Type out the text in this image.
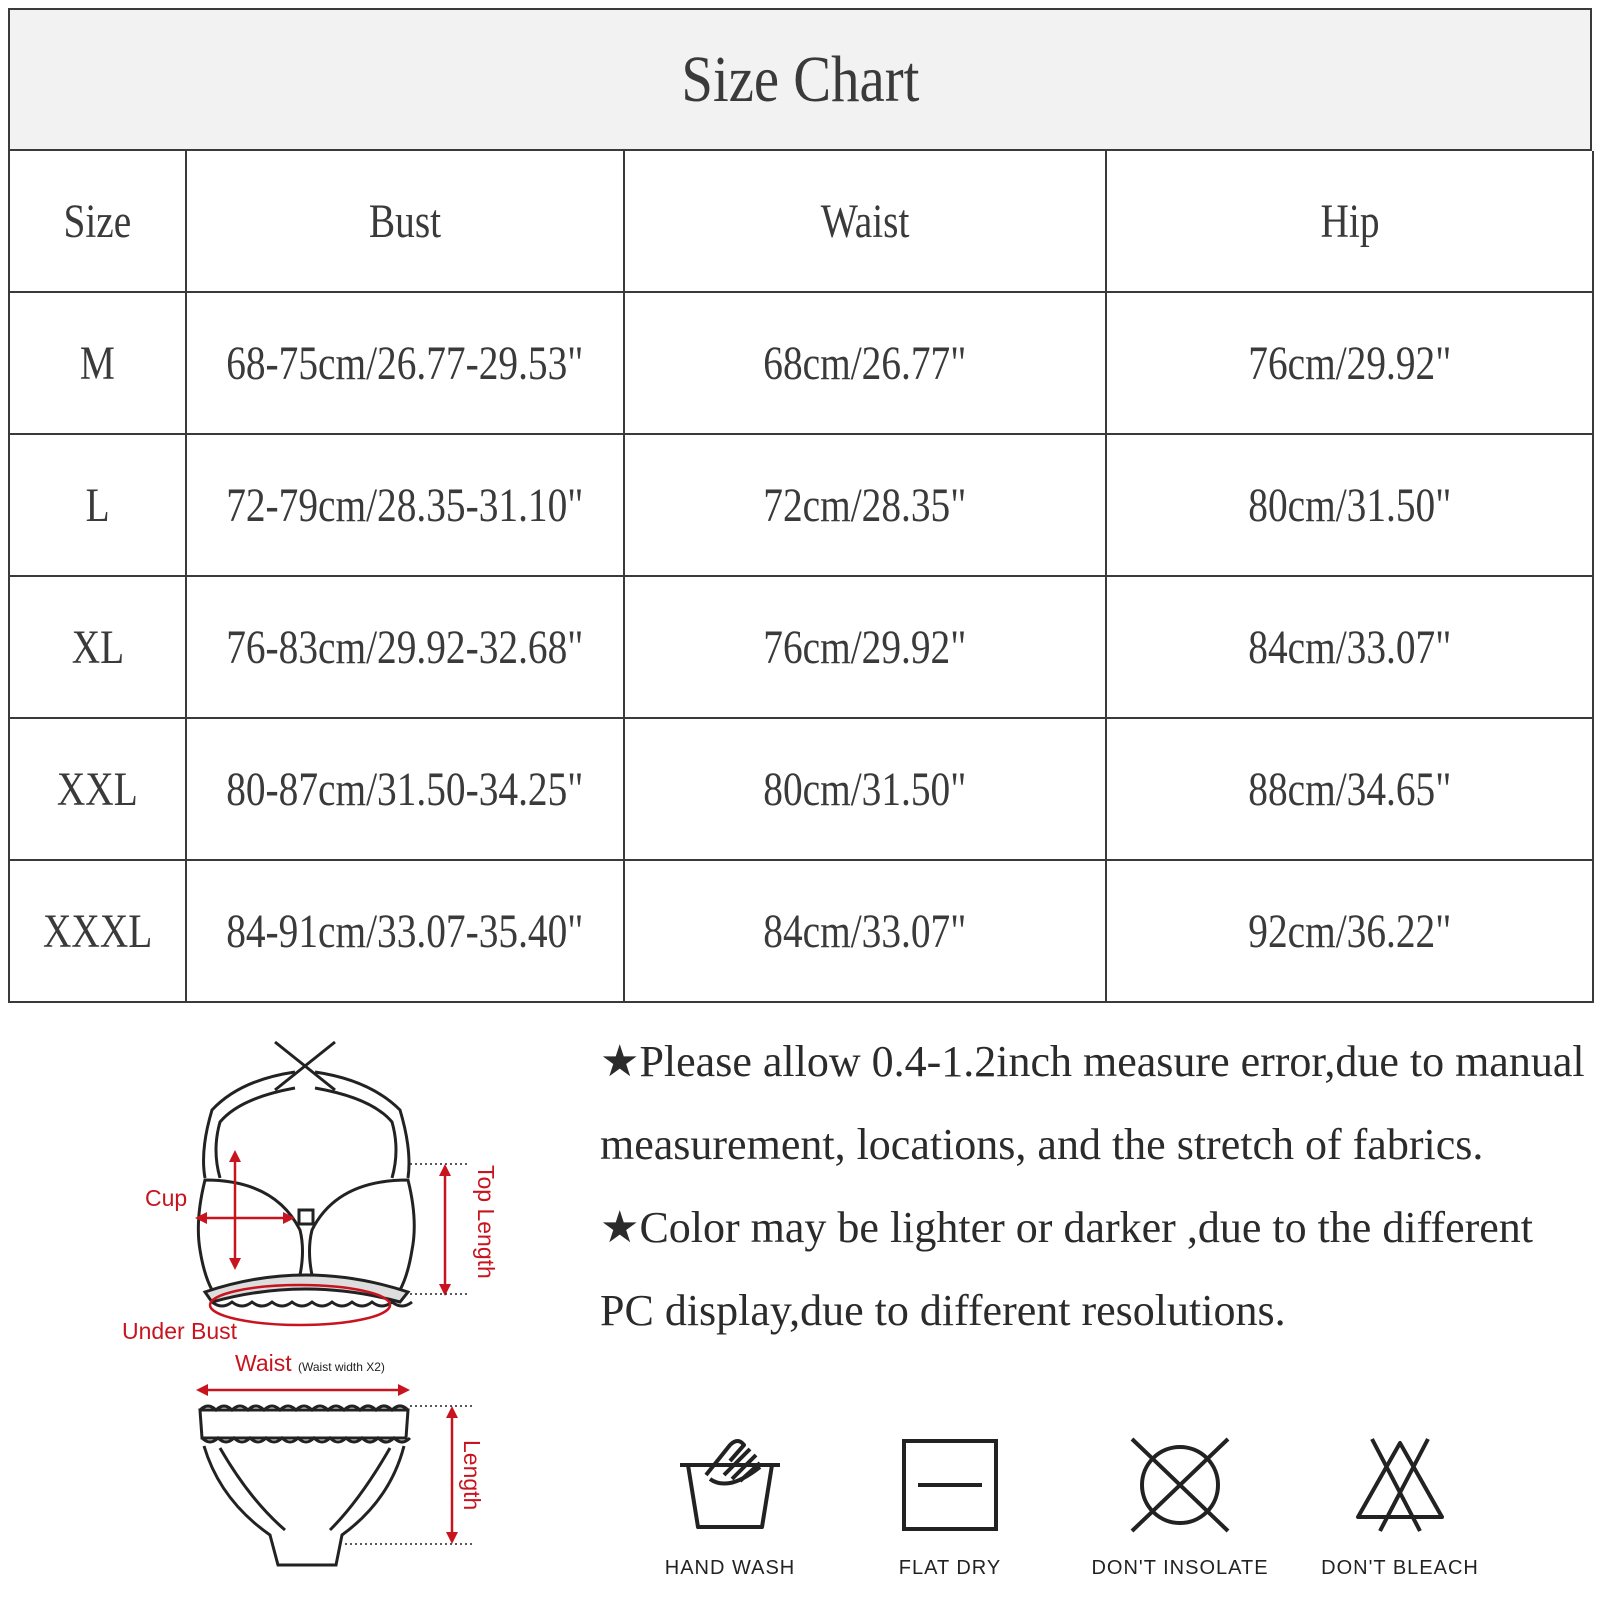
Size Chart
Size	Bust	Waist	Hip
M	68-75cm/26.77-29.53"	68cm/26.77"	76cm/29.92"
L	72-79cm/28.35-31.10"	72cm/28.35"	80cm/31.50"
XL	76-83cm/29.92-32.68"	76cm/29.92"	84cm/33.07"
XXL	80-87cm/31.50-34.25"	80cm/31.50"	88cm/34.65"
XXXL	84-91cm/33.07-35.40"	84cm/33.07"	92cm/36.22"
Cup	Top Length
Under Bust
Waist (Waist width X2)
Length

★Please allow 0.4-1.2inch measure error,due to manual measurement, locations, and the stretch of fabrics.

★Color may be lighter or darker ,due to the different PC display,due to different resolutions.

HAND WASH	FLAT DRY	DON'T INSOLATE	DON'T BLEACH
